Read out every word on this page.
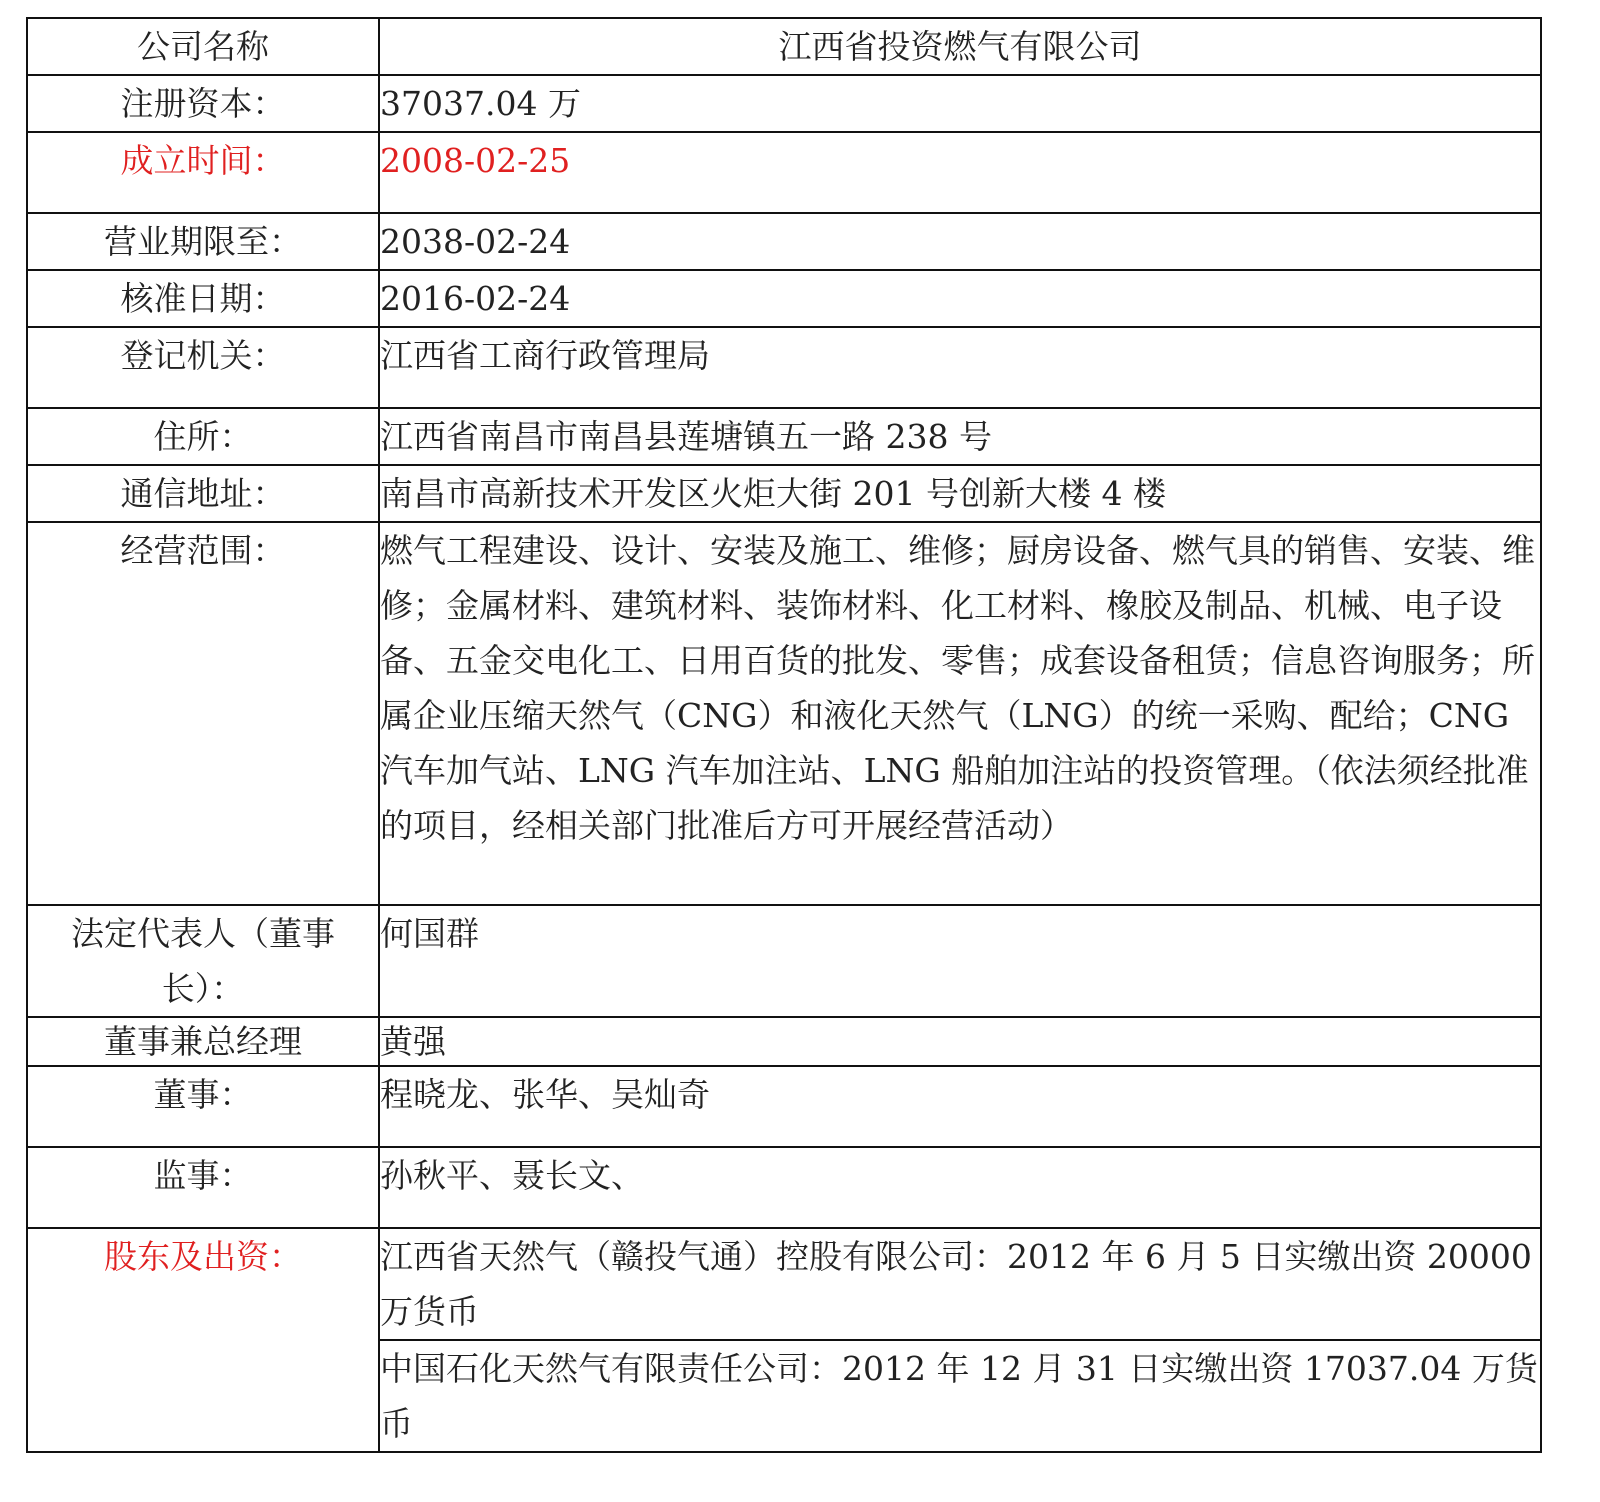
公司名称	江西省投资燃气有限公司
注册资本：	37037.04 万
成立时间：	2008-02-25
营业期限至：	2038-02-24
核准日期：	2016-02-24
登记机关：	江西省工商行政管理局
住所：	江西省南昌市南昌县莲塘镇五一路 238 号
通信地址：	南昌市高新技术开发区火炬大街 201 号创新大楼 4 楼
经营范围：	燃气工程建设、设计、安装及施工、维修；厨房设备、燃气具的销售、安装、维修；金属材料、建筑材料、装饰材料、化工材料、橡胶及制品、机械、电子设备、五金交电化工、日用百货的批发、零售；成套设备租赁；信息咨询服务；所属企业压缩天然气（CNG）和液化天然气（LNG）的统一采购、配给；CNG 汽车加气站、LNG 汽车加注站、LNG 船舶加注站的投资管理。（依法须经批准的项目，经相关部门批准后方可开展经营活动）
法定代表人（董事长）：	何国群
董事兼总经理	黄强
董事：	程晓龙、张华、吴灿奇
监事：	孙秋平、聂长文、
股东及出资：	江西省天然气（赣投气通）控股有限公司：2012 年 6 月 5 日实缴出资 20000 万货币
	中国石化天然气有限责任公司：2012 年 12 月 31 日实缴出资 17037.04 万货币
